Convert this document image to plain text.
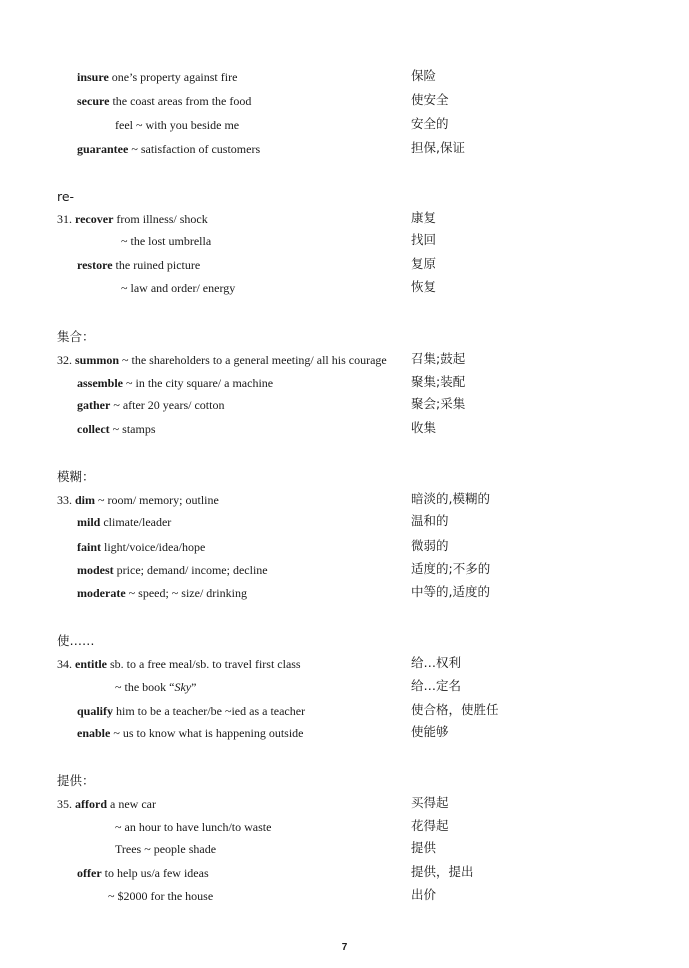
insure one’s property against fire	保险
secure the coast areas from the food	使安全
feel ~ with you beside me	安全的
guarantee ~ satisfaction of customers	担保,保证
re-
31. recover from illness/ shock	康复
~ the lost umbrella	找回
restore the ruined picture	复原
~ law and order/ energy	恢复
集合：
32. summon ~ the shareholders to a general meeting/ all his courage 召集;鼓起
assemble ~ in the city square/ a machine	聚集;装配
gather ~ after 20 years/ cotton	聚会;采集
collect ~ stamps	收集
模糊：
33. dim ~ room/ memory; outline	暗淡的,模糊的
mild climate/leader	温和的
faint light/voice/idea/hope	微弱的
modest price; demand/ income; decline	适度的;不多的
moderate ~ speed; ~ size/ drinking	中等的,适度的
使……
34. entitle sb. to a free meal/sb. to travel first class	给…权利
~ the book “Sky”	给…定名
qualify him to be a teacher/be ~ied as a teacher	使合格，使胜任
enable ~ us to know what is happening outside	使能够
提供：
35. afford a new car	买得起
~ an hour to have lunch/to waste	花得起
Trees ~ people shade	提供
offer to help us/a few ideas	提供，提出
~ $2000 for the house	出价
7
